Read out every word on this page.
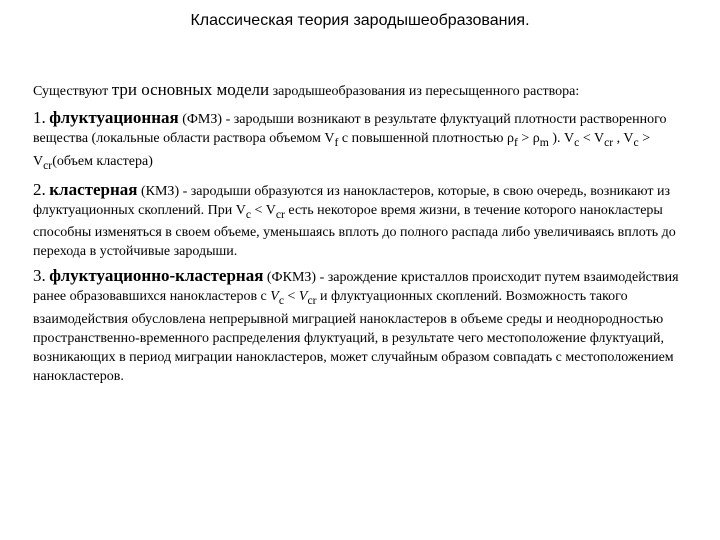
Классическая теория зародышеобразования.

Существуют три основных модели зародышеобразования из пересыщенного раствора:

1. флуктуационная (ФМЗ) - зародыши возникают в результате флуктуаций плотности растворенного вещества (локальные области раствора объемом $V_f$ с повышенной плотностью $\rho_f > \rho_m$ ). $V_c < V_{cr}$ , $V_c$ > $V_{cr}(объем$ кластера)

2. кластерная (КМЗ) - зародыши образуются из нанокластеров, которые, в свою очередь, возникают из флуктуационных скоплений. При $V_c < V_{cr}$ есть некоторое время жизни, в течение которого нанокластеры способны изменяться в своем объеме, уменьшаясь вплоть до полного распада либо увеличиваясь вплоть до перехода в устойчивые зародыши.

3. флуктуационно-кластерная (ФКМЗ) - зарождение кристаллов происходит путем взаимодействия ранее образовавшихся нанокластеров с $V_c < V_{cr}$ и флуктуационных скоплений. Возможность такого взаимодействия обусловлена непрерывной миграцией нанокластеров в объеме среды и неоднородностью пространственно-временного распределения флуктуаций, в результате чего местоположение флуктуаций, возникающих в период миграции нанокластеров, может случайным образом совпадать с местоположением нанокластеров.
